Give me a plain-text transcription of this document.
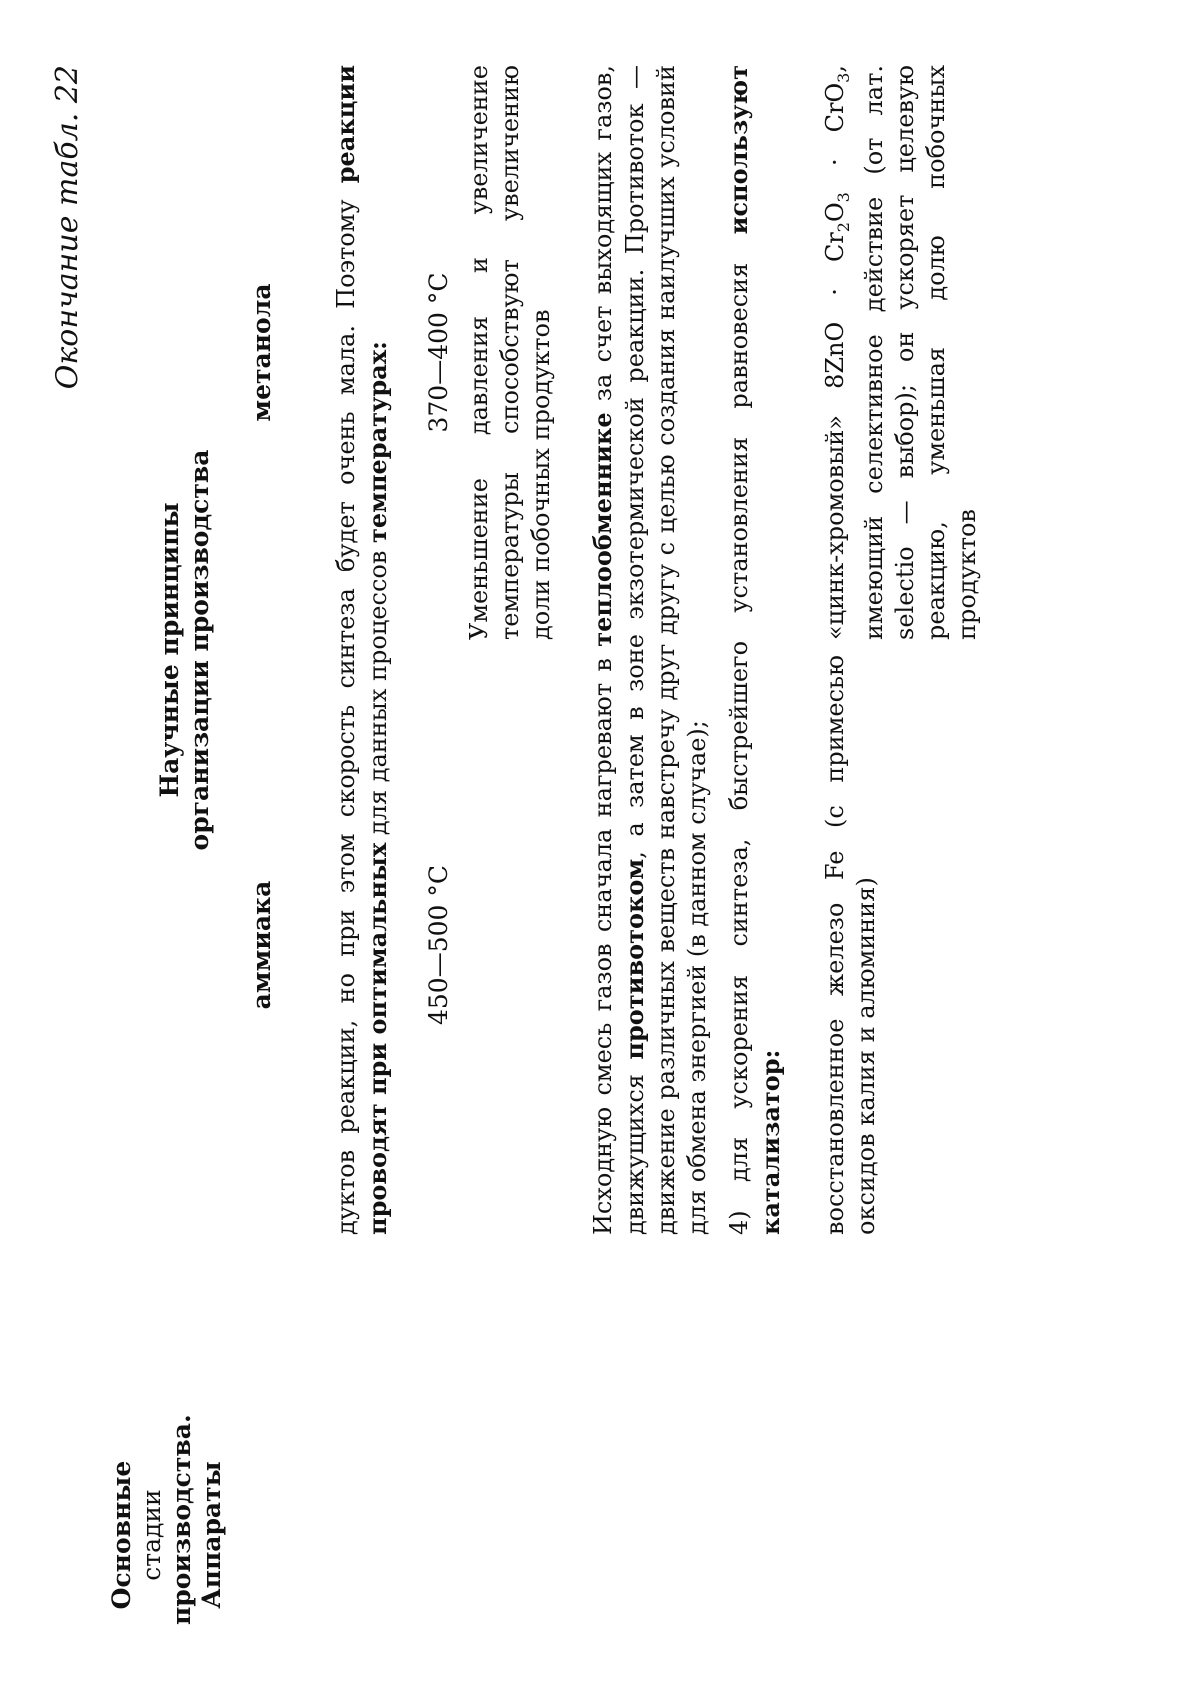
Окончание табл. 22
Основные стадии производства. Аппараты
Научные принципы организации производства
аммиака
метанола дуктов реакции, но при этом скорость синтеза будет очень мала. Поэтому реакции проводят при оптимальных для данных процессов температурах:

450—500 °С
370—400 °С Уменьшение давления и увеличение температуры способствуют увеличению доли побочных продуктов

Исходную смесь газов сначала нагревают в теплообменнике за счет выходящих газов, движущихся противотоком, а затем в зоне экзотермической реакции. Противоток — движение различных веществ навстречу друг другу с целью создания наилучших условий для обмена энергией (в данном случае); 4) для ускорения синтеза, быстрейшего установления равновесия используют катализатор: восстановленное железо Fe (с примесью оксидов калия и алюминия)

«цинк-хромовый» $8ZnO \cdot Cr_2O_3 \cdot CrO_3$, имеющий селективное действие (от лат. selectio — выбор); он ускоряет целевую реакцию, уменьшая долю побочных продуктов
